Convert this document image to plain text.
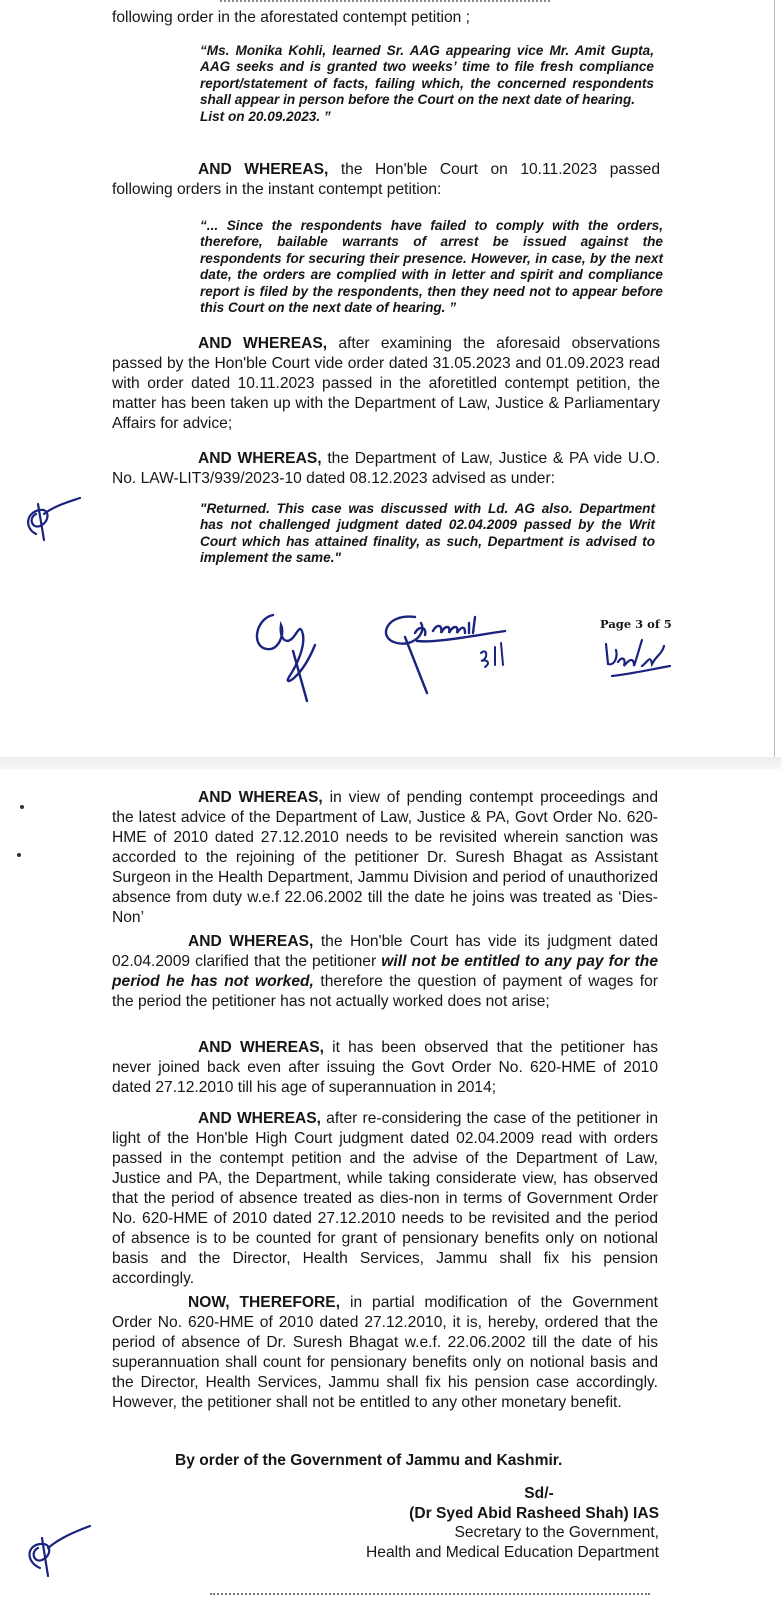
following order in the aforestated contempt petition ;

“Ms. Monika Kohli, learned Sr. AAG appearing vice Mr. Amit Gupta, AAG seeks and is granted two weeks’ time to file fresh compliance report/statement of facts, failing which, the concerned respondents shall appear in person before the Court on the next date of hearing.
List on 20.09.2023. ”

AND WHEREAS, the Hon'ble Court on 10.11.2023 passed following orders in the instant contempt petition:

“... Since the respondents have failed to comply with the orders, therefore, bailable warrants of arrest be issued against the respondents for securing their presence. However, in case, by the next date, the orders are complied with in letter and spirit and compliance report is filed by the respondents, then they need not to appear before this Court on the next date of hearing. ”

AND WHEREAS, after examining the aforesaid observations passed by the Hon'ble Court vide order dated 31.05.2023 and 01.09.2023 read with order dated 10.11.2023 passed in the aforetitled contempt petition, the matter has been taken up with the Department of Law, Justice & Parliamentary Affairs for advice;

AND WHEREAS, the Department of Law, Justice & PA vide U.O. No. LAW-LIT3/939/2023-10 dated 08.12.2023 advised as under:

"Returned. This case was discussed with Ld. AG also. Department has not challenged judgment dated 02.04.2009 passed by the Writ Court which has attained finality, as such, Department is advised to implement the same."

Page 3 of 5

AND WHEREAS, in view of pending contempt proceedings and the latest advice of the Department of Law, Justice & PA, Govt Order No. 620-HME of 2010 dated 27.12.2010 needs to be revisited wherein sanction was accorded to the rejoining of the petitioner Dr. Suresh Bhagat as Assistant Surgeon in the Health Department, Jammu Division and period of unauthorized absence from duty w.e.f 22.06.2002 till the date he joins was treated as ‘Dies-Non’

AND WHEREAS, the Hon'ble Court has vide its judgment dated 02.04.2009 clarified that the petitioner will not be entitled to any pay for the period he has not worked, therefore the question of payment of wages for the period the petitioner has not actually worked does not arise;

AND WHEREAS, it has been observed that the petitioner has never joined back even after issuing the Govt Order No. 620-HME of 2010 dated 27.12.2010 till his age of superannuation in 2014;

AND WHEREAS, after re-considering the case of the petitioner in light of the Hon'ble High Court judgment dated 02.04.2009 read with orders passed in the contempt petition and the advise of the Department of Law, Justice and PA, the Department, while taking considerate view, has observed that the period of absence treated as dies-non in terms of Government Order No. 620-HME of 2010 dated 27.12.2010 needs to be revisited and the period of absence is to be counted for grant of pensionary benefits only on notional basis and the Director, Health Services, Jammu shall fix his pension accordingly.

NOW, THEREFORE, in partial modification of the Government Order No. 620-HME of 2010 dated 27.12.2010, it is, hereby, ordered that the period of absence of Dr. Suresh Bhagat w.e.f. 22.06.2002 till the date of his superannuation shall count for pensionary benefits only on notional basis and the Director, Health Services, Jammu shall fix his pension case accordingly. However, the petitioner shall not be entitled to any other monetary benefit.

By order of the Government of Jammu and Kashmir.
Sd/-
(Dr Syed Abid Rasheed Shah) IAS
Secretary to the Government,
Health and Medical Education Department
